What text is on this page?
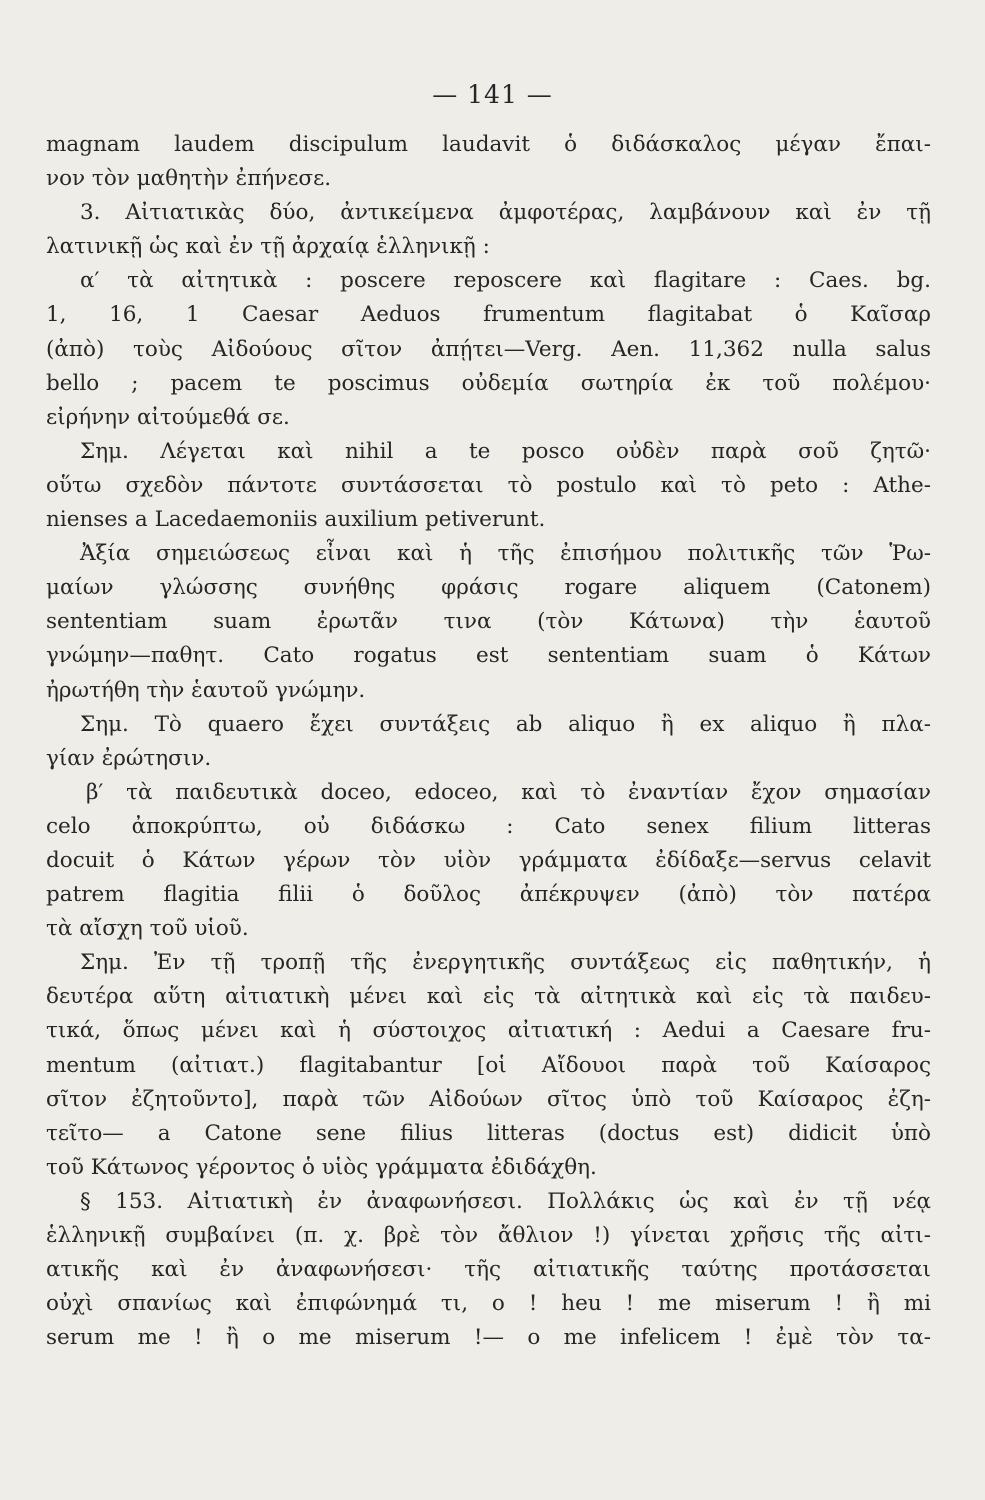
— 141 —
magnam laudem discipulum laudavit ὁ διδάσκαλος μέγαν ἔπαι-
νον τὸν μαθητὴν ἐπήνεσε.
3. Αἰτιατικὰς δύο, ἀντικείμενα ἀμφοτέρας, λαμβάνουν καὶ ἐν τῇ
λατινικῇ ὡς καὶ ἐν τῇ ἀρχαίᾳ ἑλληνικῇ :
α′ τὰ αἰτητικὰ : poscere reposcere καὶ flagitare : Caes. bg.
1, 16, 1 Caesar Aeduos frumentum flagitabat ὁ Καῖσαρ
(ἀπὸ) τοὺς Αἰδούους σῖτον ἀπῄτει—Verg. Aen. 11,362 nulla salus
bello ; pacem te poscimus οὐδεμία σωτηρία ἐκ τοῦ πολέμου·
εἰρήνην αἰτούμεθά σε.
Σημ. Λέγεται καὶ nihil a te posco οὐδὲν παρὰ σοῦ ζητῶ·
οὕτω σχεδὸν πάντοτε συντάσσεται τὸ postulo καὶ τὸ peto : Athe-
nienses a Lacedaemoniis auxilium petiverunt.
Ἀξία σημειώσεως εἶναι καὶ ἡ τῆς ἐπισήμου πολιτικῆς τῶν Ῥω-
μαίων γλώσσης συνήθης φράσις rogare aliquem (Catonem)
sententiam suam ἐρωτᾶν τινα (τὸν Κάτωνα) τὴν ἑαυτοῦ
γνώμην—παθητ. Cato rogatus est sententiam suam ὁ Κάτων
ἠρωτήθη τὴν ἑαυτοῦ γνώμην.
Σημ. Τὸ quaero ἔχει συντάξεις ab aliquo ἢ ex aliquo ἢ πλα-
γίαν ἐρώτησιν.
β′ τὰ παιδευτικὰ doceo, edoceo, καὶ τὸ ἐναντίαν ἔχον σημασίαν
celo ἀποκρύπτω, οὐ διδάσκω : Cato senex filium litteras
docuit ὁ Κάτων γέρων τὸν υἱὸν γράμματα ἐδίδαξε—servus celavit
patrem flagitia filii ὁ δοῦλος ἀπέκρυψεν (ἀπὸ) τὸν πατέρα
τὰ αἴσχη τοῦ υἱοῦ.
Σημ. Ἐν τῇ τροπῇ τῆς ἐνεργητικῆς συντάξεως εἰς παθητικήν, ἡ
δευτέρα αὕτη αἰτιατικὴ μένει καὶ εἰς τὰ αἰτητικὰ καὶ εἰς τὰ παιδευ-
τικά, ὅπως μένει καὶ ἡ σύστοιχος αἰτιατική : Aedui a Caesare fru-
mentum (αἰτιατ.) flagitabantur [οἱ Αἴδουοι παρὰ τοῦ Καίσαρος
σῖτον ἐζητοῦντο], παρὰ τῶν Αἰδούων σῖτος ὑπὸ τοῦ Καίσαρος ἐζη-
τεῖτο— a Catone sene filius litteras (doctus est) didicit ὑπὸ
τοῦ Κάτωνος γέροντος ὁ υἱὸς γράμματα ἐδιδάχθη.
§ 153. Αἰτιατικὴ ἐν ἀναφωνήσεσι. Πολλάκις ὡς καὶ ἐν τῇ νέᾳ
ἑλληνικῇ συμβαίνει (π. χ. βρὲ τὸν ἄθλιον !) γίνεται χρῆσις τῆς αἰτι-
ατικῆς καὶ ἐν ἀναφωνήσεσι· τῆς αἰτιατικῆς ταύτης προτάσσεται
οὐχὶ σπανίως καὶ ἐπιφώνημά τι, o ! heu ! me miserum ! ἢ mi
serum me ! ἢ o me miserum !— o me infelicem ! ἐμὲ τὸν τα-
